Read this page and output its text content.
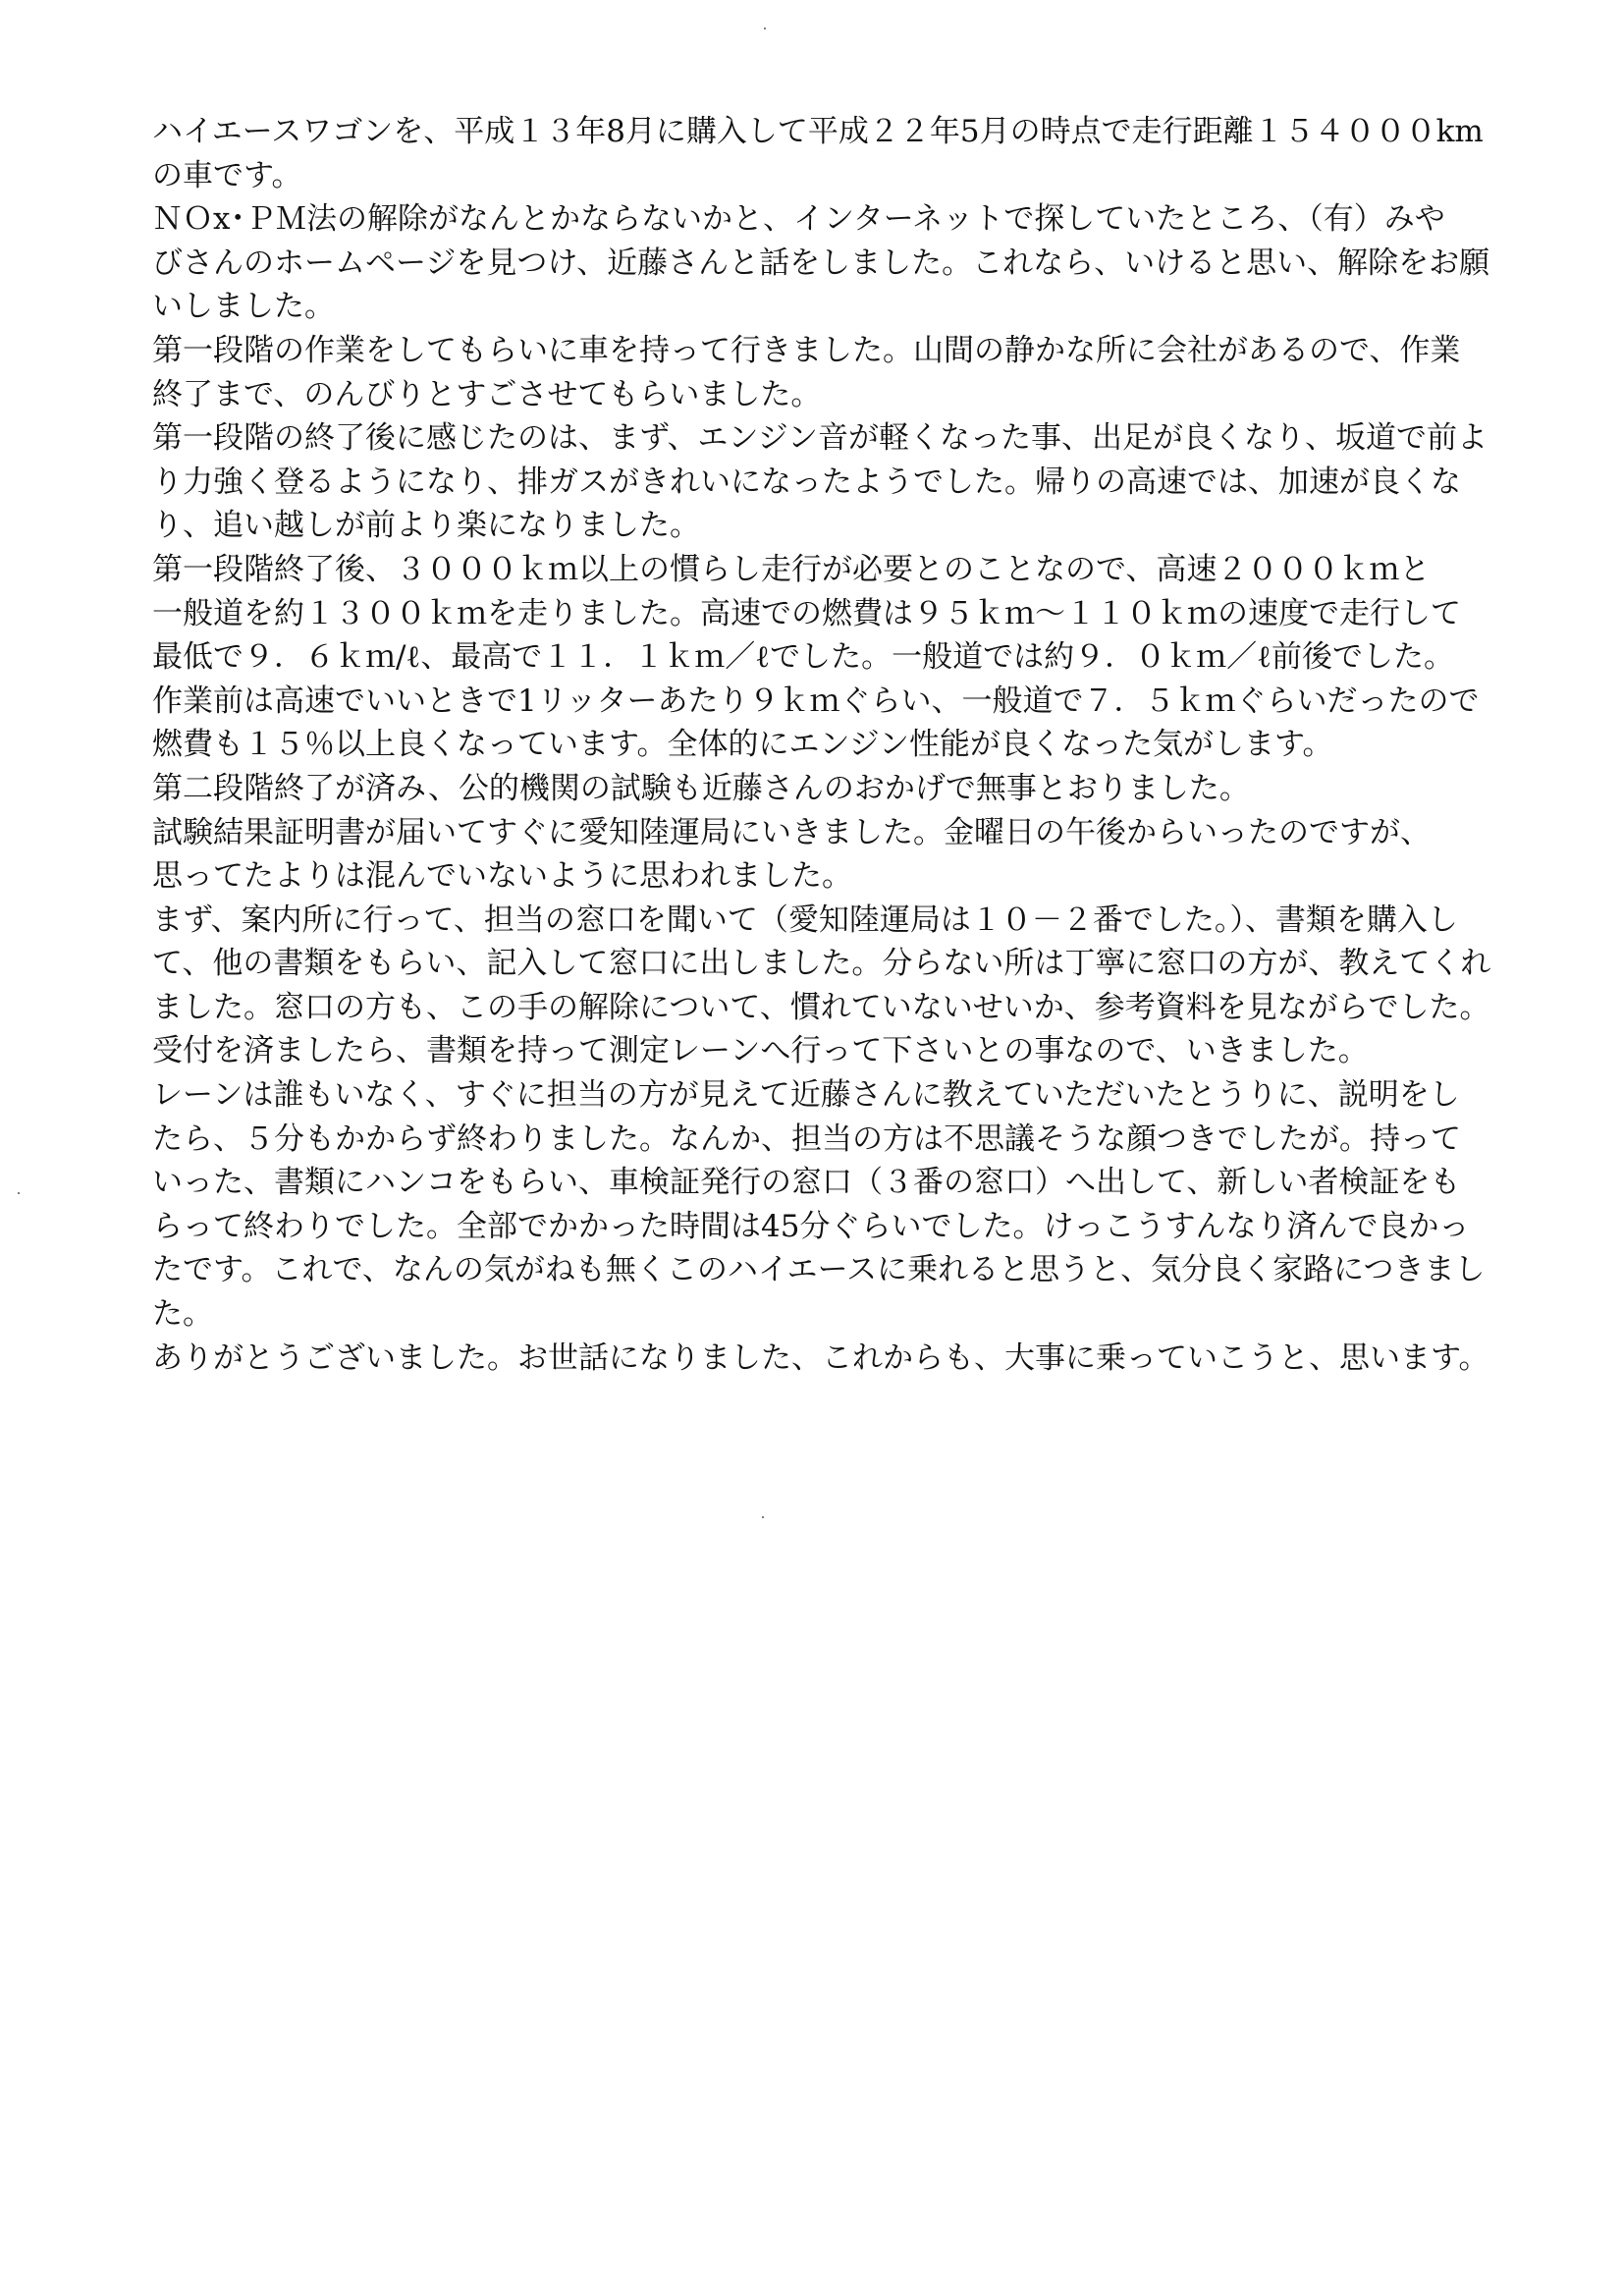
ハイエースワゴンを、平成１３年8月に購入して平成２２年5月の時点で走行距離１５４０００km
の車です。
ＮＯx･ＰＭ法の解除がなんとかならないかと、インターネットで探していたところ、（有）みや
びさんのホームページを見つけ、近藤さんと話をしました。これなら、いけると思い、解除をお願
いしました。
第一段階の作業をしてもらいに車を持って行きました。山間の静かな所に会社があるので、作業
終了まで、のんびりとすごさせてもらいました。
第一段階の終了後に感じたのは、まず、エンジン音が軽くなった事、出足が良くなり、坂道で前よ
り力強く登るようになり、排ガスがきれいになったようでした。帰りの高速では、加速が良くな
り、追い越しが前より楽になりました。
第一段階終了後、３０００ｋｍ以上の慣らし走行が必要とのことなので、高速２０００ｋｍと
一般道を約１３００ｋｍを走りました。高速での燃費は９５ｋｍ～１１０ｋｍの速度で走行して
最低で９．６ｋｍ/ℓ、最高で１１．１ｋｍ／ℓでした。一般道では約９．０ｋｍ／ℓ前後でした。
作業前は高速でいいときで1リッターあたり９ｋｍぐらい、一般道で７．５ｋｍぐらいだったので
燃費も１５％以上良くなっています。全体的にエンジン性能が良くなった気がします。
第二段階終了が済み、公的機関の試験も近藤さんのおかげで無事とおりました。
試験結果証明書が届いてすぐに愛知陸運局にいきました。金曜日の午後からいったのですが、
思ってたよりは混んでいないように思われました。
まず、案内所に行って、担当の窓口を聞いて（愛知陸運局は１０－２番でした。）、書類を購入し
て、他の書類をもらい、記入して窓口に出しました。分らない所は丁寧に窓口の方が、教えてくれ
ました。窓口の方も、この手の解除について、慣れていないせいか、参考資料を見ながらでした。
受付を済ましたら、書類を持って測定レーンへ行って下さいとの事なので、いきました。
レーンは誰もいなく、すぐに担当の方が見えて近藤さんに教えていただいたとうりに、説明をし
たら、５分もかからず終わりました。なんか、担当の方は不思議そうな顔つきでしたが。持って
いった、書類にハンコをもらい、車検証発行の窓口（３番の窓口）へ出して、新しい者検証をも
らって終わりでした。全部でかかった時間は45分ぐらいでした。けっこうすんなり済んで良かっ
たです。これで、なんの気がねも無くこのハイエースに乗れると思うと、気分良く家路につきまし
た。
ありがとうございました。お世話になりました、これからも、大事に乗っていこうと、思います。
